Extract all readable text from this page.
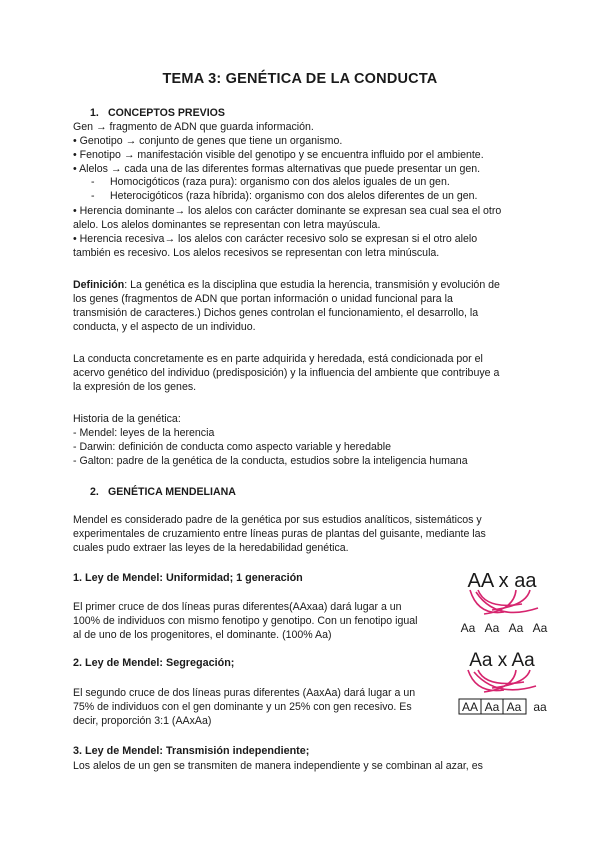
TEMA 3: GENÉTICA DE LA CONDUCTA
1. CONCEPTOS PREVIOS
Gen → fragmento de ADN que guarda información.
• Genotipo → conjunto de genes que tiene un organismo.
• Fenotipo → manifestación visible del genotipo y se encuentra influido por el ambiente.
• Alelos → cada una de las diferentes formas alternativas que puede presentar un gen.
- Homocigóticos (raza pura): organismo con dos alelos iguales de un gen.
- Heterocigóticos (raza híbrida): organismo con dos alelos diferentes de un gen.
• Herencia dominante→ los alelos con carácter dominante se expresan sea cual sea el otro
alelo. Los alelos dominantes se representan con letra mayúscula.
• Herencia recesiva→ los alelos con carácter recesivo solo se expresan si el otro alelo
también es recesivo. Los alelos recesivos se representan con letra minúscula.
Definición: La genética es la disciplina que estudia la herencia, transmisión y evolución de
los genes (fragmentos de ADN que portan información o unidad funcional para la
transmisión de caracteres.) Dichos genes controlan el funcionamiento, el desarrollo, la
conducta, y el aspecto de un individuo.
La conducta concretamente es en parte adquirida y heredada, está condicionada por el
acervo genético del individuo (predisposición) y la influencia del ambiente que contribuye a
la expresión de los genes.
Historia de la genética:
- Mendel: leyes de la herencia
- Darwin: definición de conducta como aspecto variable y heredable
- Galton: padre de la genética de la conducta, estudios sobre la inteligencia humana
2. GENÉTICA MENDELIANA
Mendel es considerado padre de la genética por sus estudios analíticos, sistemáticos y
experimentales de cruzamiento entre líneas puras de plantas del guisante, mediante las
cuales pudo extraer las leyes de la heredabilidad genética.
1. Ley de Mendel: Uniformidad; 1 generación
El primer cruce de dos líneas puras diferentes(AAxaa) dará lugar a un
100% de individuos con mismo fenotipo y genotipo. Con un fenotipo igual
al de uno de los progenitores, el dominante. (100% Aa)
2. Ley de Mendel: Segregación;
El segundo cruce de dos líneas puras diferentes (AaxAa) dará lugar a un
75% de individuos con el gen dominante y un 25% con gen recesivo. Es
decir, proporción 3:1 (AAxAa)
3. Ley de Mendel: Transmisión independiente;
Los alelos de un gen se transmiten de manera independiente y se combinan al azar, es
AA x aa
Aa Aa Aa Aa
Aa x Aa
AA Aa Aa aa
